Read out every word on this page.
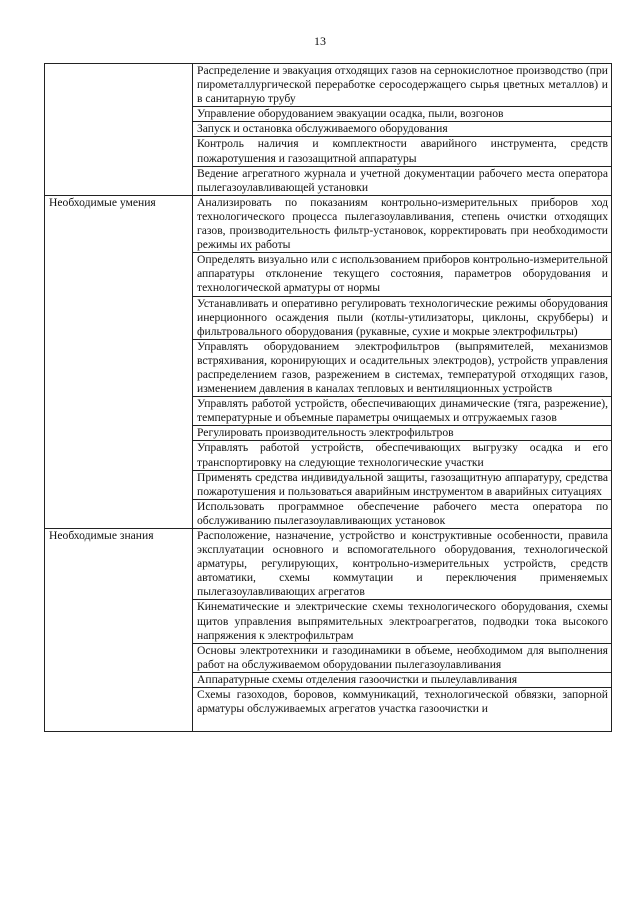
13
	Распределение и эвакуация отходящих газов на сернокислотное производство (при пирометаллургической переработке серосодержащего сырья цветных металлов) и в санитарную трубу
	Управление оборудованием эвакуации осадка, пыли, возгонов
	Запуск и остановка обслуживаемого оборудования
	Контроль наличия и комплектности аварийного инструмента, средств пожаротушения и газозащитной аппаратуры
	Ведение агрегатного журнала и учетной документации рабочего места оператора пылегазоулавливающей установки
Необходимые умения	Анализировать по показаниям контрольно-измерительных приборов ход технологического процесса пылегазоулавливания, степень очистки отходящих газов, производительность фильтр-установок, корректировать при необходимости режимы их работы
	Определять визуально или с использованием приборов контрольно-измерительной аппаратуры отклонение текущего состояния, параметров оборудования и технологической арматуры от нормы
	Устанавливать и оперативно регулировать технологические режимы оборудования инерционного осаждения пыли (котлы-утилизаторы, циклоны, скрубберы) и фильтровального оборудования (рукавные, сухие и мокрые электрофильтры)
	Управлять оборудованием электрофильтров (выпрямителей, механизмов встряхивания, коронирующих и осадительных электродов), устройств управления распределением газов, разрежением в системах, температурой отходящих газов, изменением давления в каналах тепловых и вентиляционных устройств
	Управлять работой устройств, обеспечивающих динамические (тяга, разрежение), температурные и объемные параметры очищаемых и отгружаемых газов
	Регулировать производительность электрофильтров
	Управлять работой устройств, обеспечивающих выгрузку осадка и его транспортировку на следующие технологические участки
	Применять средства индивидуальной защиты, газозащитную аппаратуру, средства пожаротушения и пользоваться аварийным инструментом в аварийных ситуациях
	Использовать программное обеспечение рабочего места оператора по обслуживанию пылегазоулавливающих установок
Необходимые знания	Расположение, назначение, устройство и конструктивные особенности, правила эксплуатации основного и вспомогательного оборудования, технологической арматуры, регулирующих, контрольно-измерительных устройств, средств автоматики, схемы коммутации и переключения применяемых пылегазоулавливающих агрегатов
	Кинематические и электрические схемы технологического оборудования, схемы щитов управления выпрямительных электроагрегатов, подводки тока высокого напряжения к электрофильтрам
	Основы электротехники и газодинамики в объеме, необходимом для выполнения работ на обслуживаемом оборудовании пылегазоулавливания
	Аппаратурные схемы отделения газоочистки и пылеулавливания

	Схемы газоходов, боровов, коммуникаций, технологической обвязки, запорной арматуры обслуживаемых агрегатов участка газоочистки и
